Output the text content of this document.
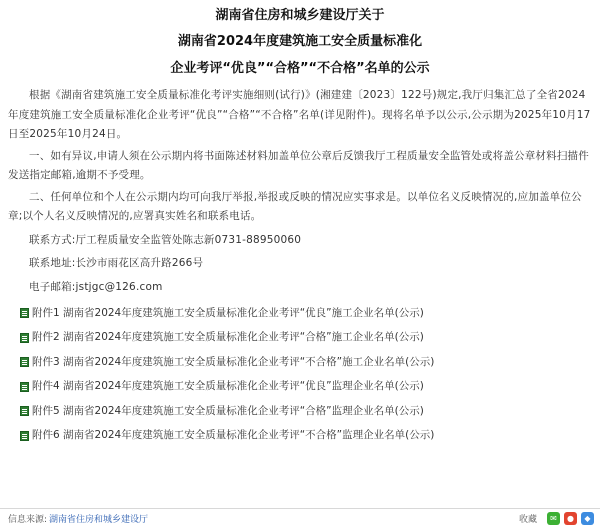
湖南省住房和城乡建设厅关于

湖南省2024年度建筑施工安全质量标准化

企业考评“优良”“合格”“不合格”名单的公示

根据《湖南省建筑施工安全质量标准化考评实施细则(试行)》(湘建建〔2023〕122号)规定,我厅归集汇总了全省2024年度建筑施工安全质量标准化企业考评“优良”“合格”“不合格”名单(详见附件)。现将名单予以公示,公示期为2025年10月17日至2025年10月24日。

一、如有异议,申请人须在公示期内将书面陈述材料加盖单位公章后反馈我厅工程质量安全监管处或将盖公章材料扫描件发送指定邮箱,逾期不予受理。

二、任何单位和个人在公示期内均可向我厅举报,举报或反映的情况应实事求是。以单位名义反映情况的,应加盖单位公章;以个人名义反映情况的,应署真实姓名和联系电话。

联系方式:厅工程质量安全监管处陈志新0731-88950060

联系地址:长沙市雨花区高升路266号

电子邮箱:jstjgc@126.com

附件1 湖南省2024年度建筑施工安全质量标准化企业考评“优良”施工企业名单(公示)
附件2 湖南省2024年度建筑施工安全质量标准化企业考评“合格”施工企业名单(公示)
附件3 湖南省2024年度建筑施工安全质量标准化企业考评“不合格”施工企业名单(公示)
附件4 湖南省2024年度建筑施工安全质量标准化企业考评“优良”监理企业名单(公示)
附件5 湖南省2024年度建筑施工安全质量标准化企业考评“合格”监理企业名单(公示)
附件6 湖南省2024年度建筑施工安全质量标准化企业考评“不合格”监理企业名单(公示)
信息来源: 湖南省住房和城乡建设厅	收藏	✉	●	◆
